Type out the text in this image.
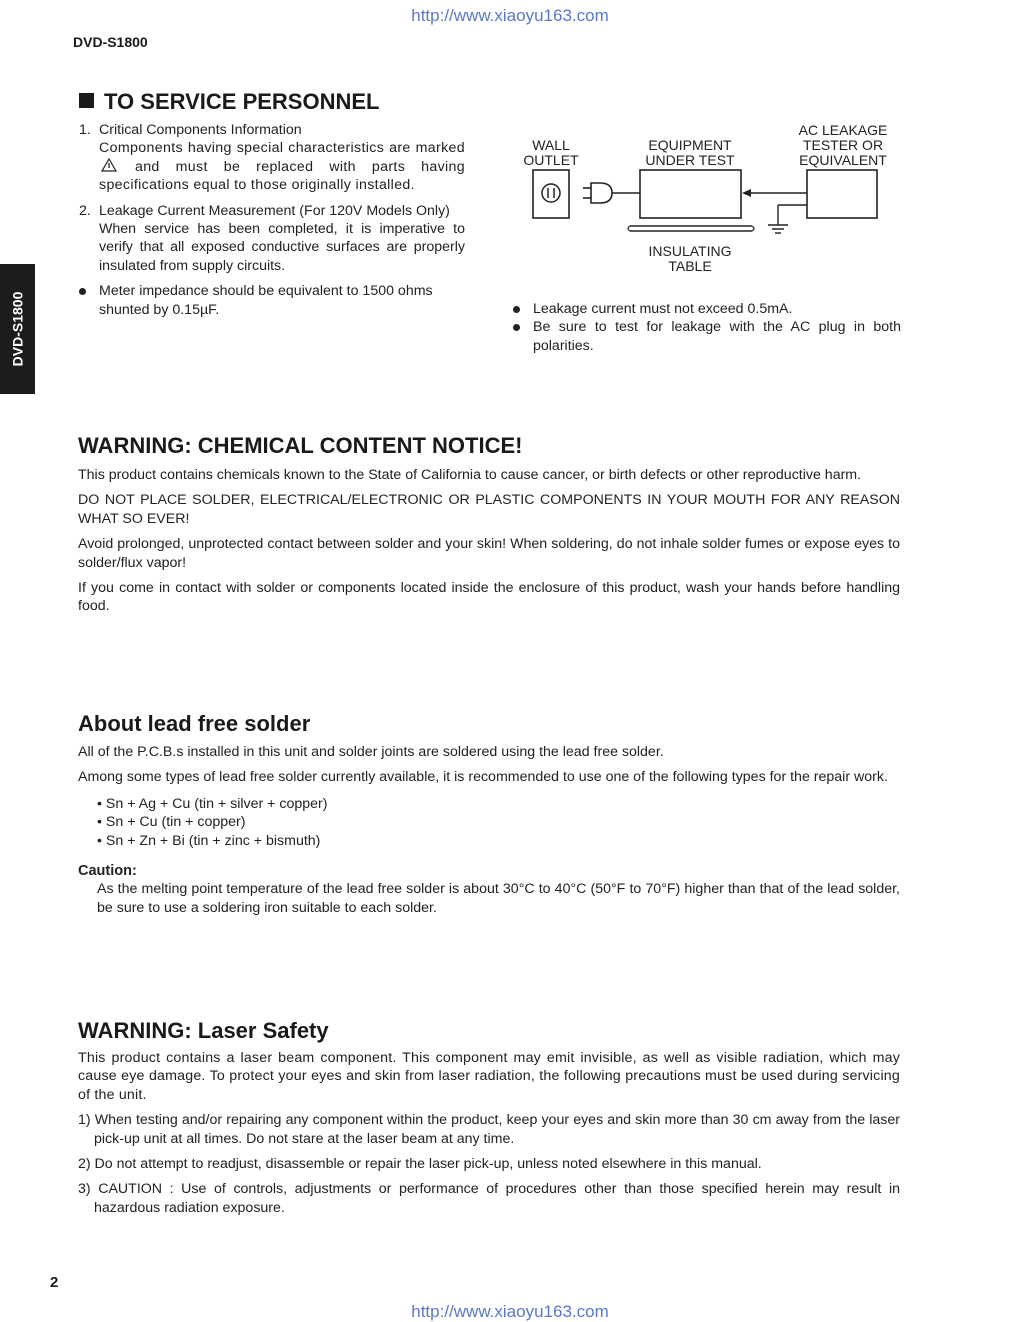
http://www.xiaoyu163.com
DVD-S1800
DVD-S1800
TO SERVICE PERSONNEL
1. Critical Components Information
Components having special characteristics are marked  and must be replaced with parts having specifications equal to those originally installed.
2. Leakage Current Measurement (For 120V Models Only)
When service has been completed, it is imperative to verify that all exposed conductive surfaces are properly insulated from supply circuits.
Meter impedance should be equivalent to 1500 ohms shunted by 0.15µF.
WALL
OUTLET
EQUIPMENT
UNDER TEST
AC LEAKAGE
TESTER OR
EQUIVALENT
INSULATING
TABLE
Leakage current must not exceed 0.5mA.
Be sure to test for leakage with the AC plug in both polarities.
WARNING: CHEMICAL CONTENT NOTICE!
This product contains chemicals known to the State of California to cause cancer, or birth defects or other reproductive harm.
DO NOT PLACE SOLDER, ELECTRICAL/ELECTRONIC OR PLASTIC COMPONENTS IN YOUR MOUTH FOR ANY REASON WHAT SO EVER!
Avoid prolonged, unprotected contact between solder and your skin! When soldering, do not inhale solder fumes or expose eyes to solder/flux vapor!
If you come in contact with solder or components located inside the enclosure of this product, wash your hands before handling food.
About lead free solder
All of the P.C.B.s installed in this unit and solder joints are soldered using the lead free solder.
Among some types of lead free solder currently available, it is recommended to use one of the following types for the repair work.
• Sn + Ag + Cu (tin + silver + copper)
• Sn + Cu (tin + copper)
• Sn + Zn + Bi (tin + zinc + bismuth)
Caution:
As the melting point temperature of the lead free solder is about 30°C to 40°C (50°F to 70°F) higher than that of the lead solder, be sure to use a soldering iron suitable to each solder.
WARNING: Laser Safety
This product contains a laser beam component. This component may emit invisible, as well as visible radiation, which may cause eye damage. To protect your eyes and skin from laser radiation, the following precautions must be used during servicing of the unit.
1) When testing and/or repairing any component within the product, keep your eyes and skin more than 30 cm away from the laser pick-up unit at all times. Do not stare at the laser beam at any time.
2) Do not attempt to readjust, disassemble or repair the laser pick-up, unless noted elsewhere in this manual.
3) CAUTION : Use of controls, adjustments or performance of procedures other than those specified herein may result in hazardous radiation exposure.
2
http://www.xiaoyu163.com
